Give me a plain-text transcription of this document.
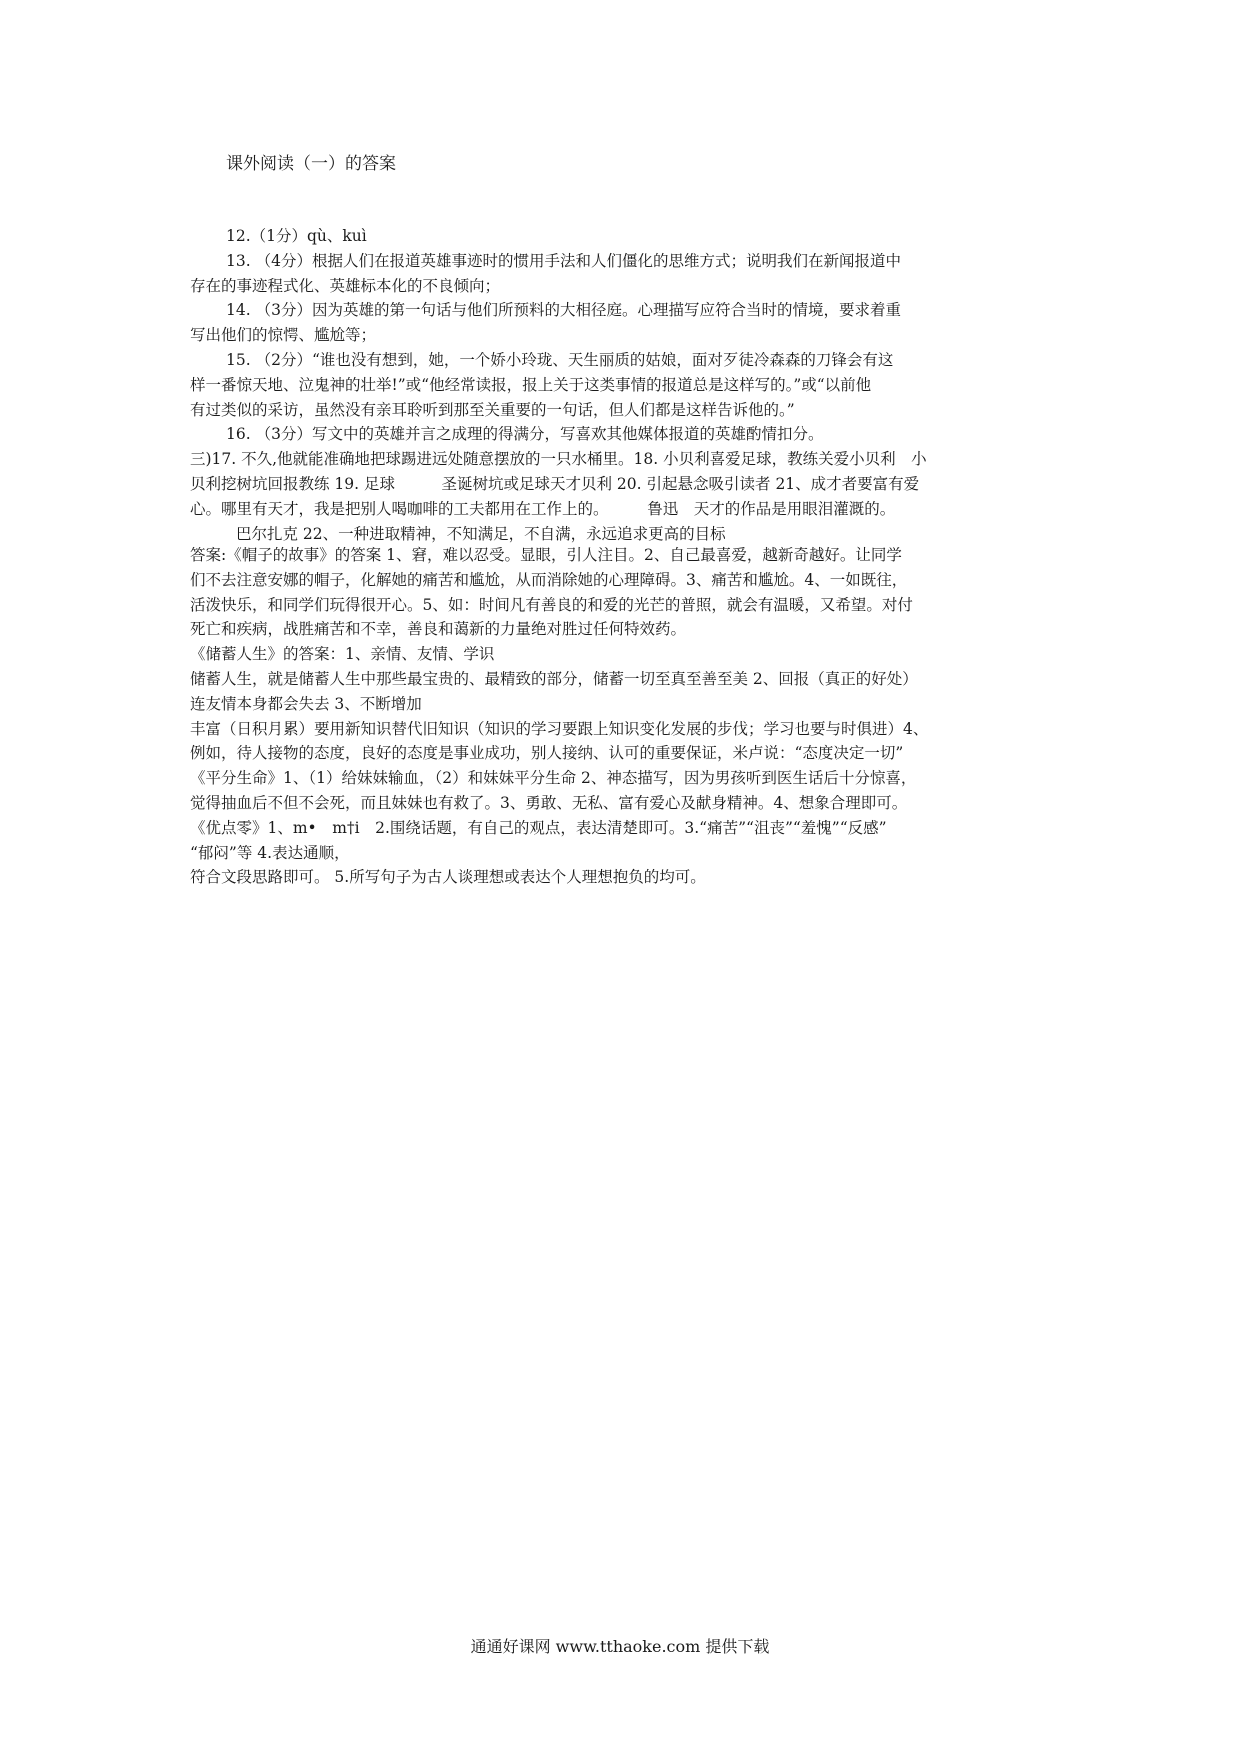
课外阅读（一）的答案
12.（1分）qù、kuì
13. （4分）根据人们在报道英雄事迹时的惯用手法和人们僵化的思维方式；说明我们在新闻报道中
存在的事迹程式化、英雄标本化的不良倾向；
14. （3分）因为英雄的第一句话与他们所预料的大相径庭。心理描写应符合当时的情境，要求着重
写出他们的惊愕、尴尬等；
15. （2分）“谁也没有想到，她，一个娇小玲珑、天生丽质的姑娘，面对歹徒冷森森的刀锋会有这
样一番惊天地、泣鬼神的壮举!”或“他经常读报，报上关于这类事情的报道总是这样写的。”或“以前他
有过类似的采访，虽然没有亲耳聆听到那至关重要的一句话，但人们都是这样告诉他的。”
16. （3分）写文中的英雄并言之成理的得满分，写喜欢其他媒体报道的英雄酌情扣分。
三)17. 不久,他就能准确地把球踢进远处随意摆放的一只水桶里。18. 小贝利喜爱足球，教练关爱小贝利　小
贝利挖树坑回报教练 19. 足球　　　圣诞树坑或足球天才贝利 20. 引起悬念吸引读者 21、成才者要富有爱
心。哪里有天才，我是把别人喝咖啡的工夫都用在工作上的。　　　鲁迅　天才的作品是用眼泪灌溉的。
巴尔扎克 22、一种进取精神，不知满足，不自满，永远追求更高的目标
答案:《帽子的故事》的答案 1、窘，难以忍受。显眼，引人注目。2、自己最喜爱，越新奇越好。让同学
们不去注意安娜的帽子，化解她的痛苦和尴尬，从而消除她的心理障碍。3、痛苦和尴尬。4、一如既往，
活泼快乐，和同学们玩得很开心。5、如：时间凡有善良的和爱的光芒的普照，就会有温暖，又希望。对付
死亡和疾病，战胜痛苦和不幸，善良和蔼新的力量绝对胜过任何特效药。
《储蓄人生》的答案：1、亲情、友情、学识
储蓄人生，就是储蓄人生中那些最宝贵的、最精致的部分，储蓄一切至真至善至美 2、回报（真正的好处）
连友情本身都会失去 3、不断增加
丰富（日积月累）要用新知识替代旧知识（知识的学习要跟上知识变化发展的步伐；学习也要与时俱进）4、
例如，待人接物的态度，良好的态度是事业成功，别人接纳、认可的重要保证，米卢说：“态度决定一切”
《平分生命》1、（1）给妹妹输血，（2）和妹妹平分生命 2、神态描写，因为男孩听到医生话后十分惊喜，
觉得抽血后不但不会死，而且妹妹也有救了。3、勇敢、无私、富有爱心及献身精神。4、想象合理即可。
《优点零》1、m•　m†i　2.围绕话题，有自己的观点，表达清楚即可。3.“痛苦”“沮丧”“羞愧”“反感”
“郁闷”等 4.表达通顺，
符合文段思路即可。 5.所写句子为古人谈理想或表达个人理想抱负的均可。
通通好课网 www.tthaoke.com 提供下载
